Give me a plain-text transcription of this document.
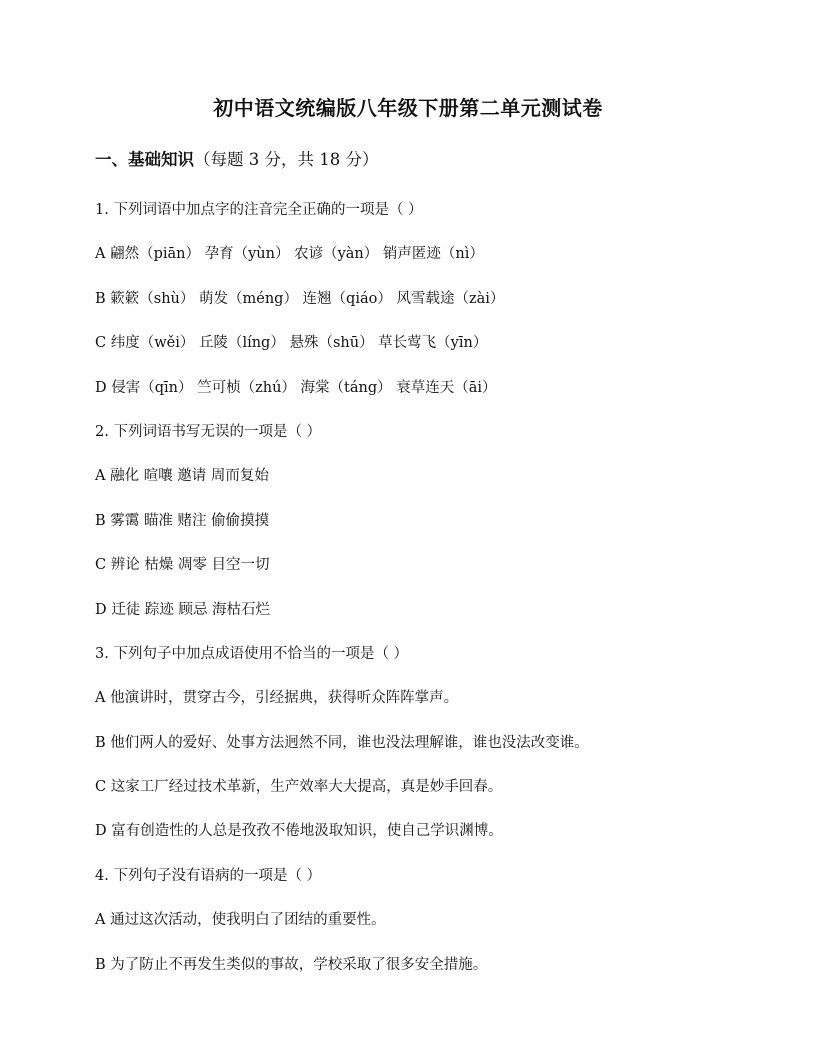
初中语文统编版八年级下册第二单元测试卷
一、基础知识（每题 3 分，共 18 分）
1. 下列词语中加点字的注音完全正确的一项是（ ）
A 翩然（piān） 孕育（yùn） 农谚（yàn） 销声匿迹（nì）
B 簌簌（shù） 萌发（méng） 连翘（qiáo） 风雪载途（zài）
C 纬度（wěi） 丘陵（líng） 悬殊（shū） 草长莺飞（yīn）
D 侵害（qīn） 竺可桢（zhú） 海棠（táng） 衰草连天（āi）
2. 下列词语书写无误的一项是（ ）
A 融化 暄嚷 邀请 周而复始
B 雾霭 瞄准 赌注 偷偷摸摸
C 辨论 枯燥 凋零 目空一切
D 迁徒 踪迹 顾忌 海枯石烂
3. 下列句子中加点成语使用不恰当的一项是（ ）
A 他演讲时，贯穿古今，引经据典，获得听众阵阵掌声。
B 他们两人的爱好、处事方法迥然不同，谁也没法理解谁，谁也没法改变谁。
C 这家工厂经过技术革新，生产效率大大提高，真是妙手回春。
D 富有创造性的人总是孜孜不倦地汲取知识，使自己学识渊博。
4. 下列句子没有语病的一项是（ ）
A 通过这次活动，使我明白了团结的重要性。
B 为了防止不再发生类似的事故，学校采取了很多安全措施。
